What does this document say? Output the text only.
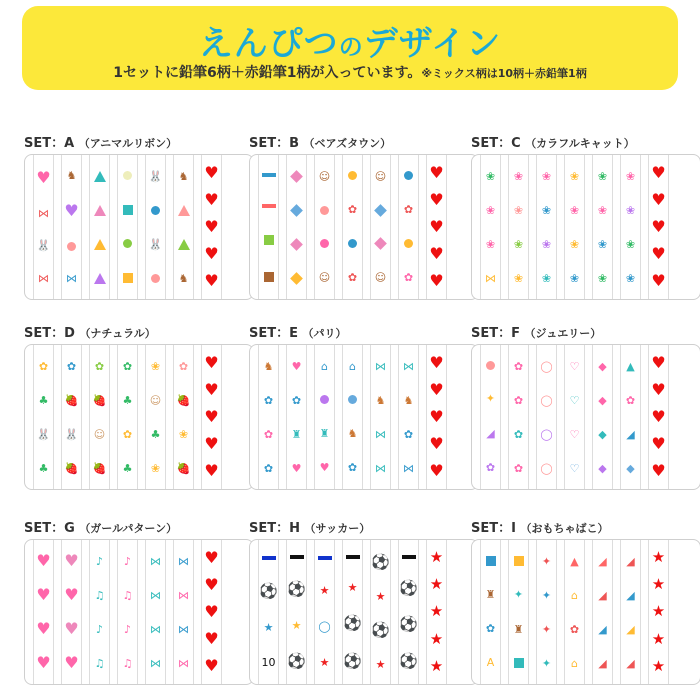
えんぴつのデザイン
1セットに鉛筆6柄＋赤鉛筆1柄が入っています。※ミックス柄は10柄＋赤鉛筆1柄
SET：A （アニマルリボン）
♥
⋈
🐰
⋈
♞
♥
⋈
🐰
🐰
♞
♞
♥
♥
♥
♥
♥
SET：B （ベアズタウン）
☺
☺
✿
✿
☺
☺
✿
✿
♥
♥
♥
♥
♥
SET：C （カラフルキャット）
❀
❀
❀
⋈
❀
❀
❀
❀
❀
❀
❀
❀
❀
❀
❀
❀
❀
❀
❀
❀
❀
❀
❀
❀
♥
♥
♥
♥
♥
SET：D （ナチュラル）
✿
♣
🐰
♣
✿
🍓
🐰
🍓
✿
🍓
☺
🍓
✿
♣
✿
♣
❀
☺
♣
❀
✿
🍓
❀
🍓
♥
♥
♥
♥
♥
SET：E （パリ）
♞
✿
✿
✿
♥
✿
♜
♥
⌂
♜
♥
⌂
♞
✿
⋈
♞
⋈
⋈
⋈
♞
✿
⋈
♥
♥
♥
♥
♥
SET：F （ジュエリー）
✦
◢
✿
✿
✿
✿
✿
◯
◯
◯
◯
♡
♡
♡
♡
◆
◆
◆
◆
▲
✿
◢
◆
♥
♥
♥
♥
♥
SET：G （ガールパターン）
♥
♥
♥
♥
♥
♥
♥
♥
♪
♫
♪
♫
♪
♫
♪
♫
⋈
⋈
⋈
⋈
⋈
⋈
⋈
⋈
♥
♥
♥
♥
♥
SET：H （サッカー）
⚽
★
10
⚽
★
⚽
★
◯
★
★
⚽
⚽
⚽
★
⚽
★
⚽
⚽
⚽
★
★
★
★
★
SET：I （おもちゃばこ）
♜
✿
A
✦
♜
✦
✦
✦
✦
▲
⌂
✿
⌂
◢
◢
◢
◢
◢
◢
◢
◢
★
★
★
★
★
